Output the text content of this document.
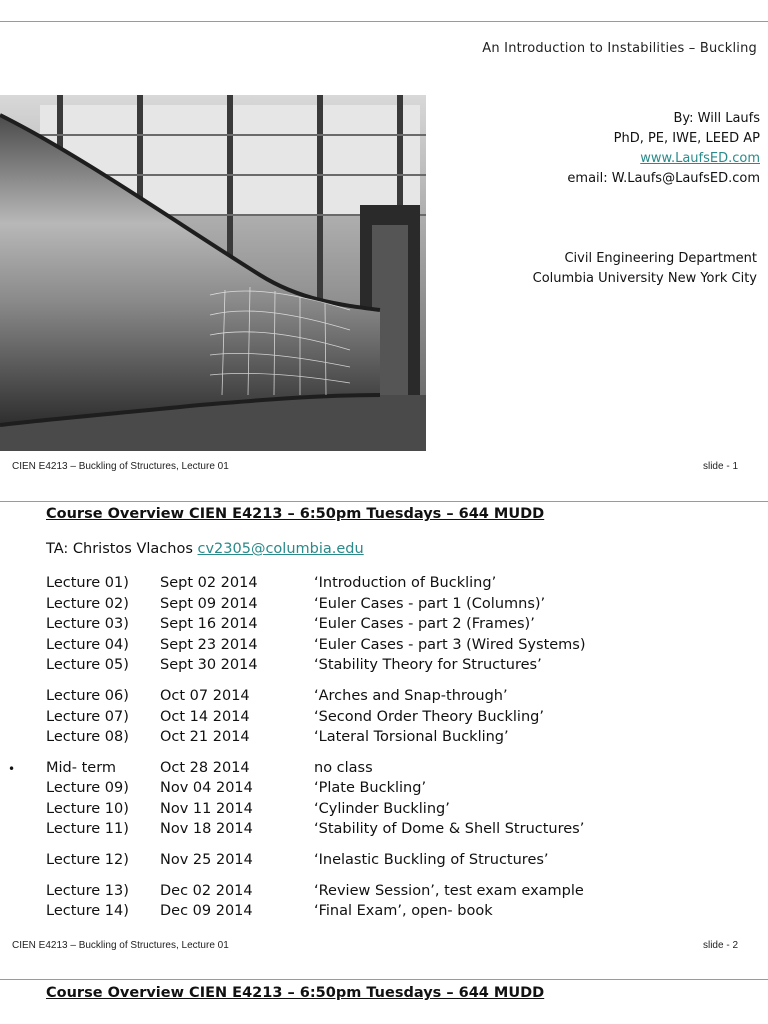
An Introduction to Instabilities – Buckling
By: Will Laufs
PhD, PE, IWE, LEED AP
www.LaufsED.com
email: W.Laufs@LaufsED.com
Civil Engineering Department
Columbia University New York City
CIEN E4213 – Buckling of Structures, Lecture 01	slide - 1
Course Overview CIEN E4213 – 6:50pm Tuesdays – 644 MUDD
TA: Christos Vlachos cv2305@columbia.edu
Lecture 01) Sept 02 2014	‘Introduction of Buckling’
Lecture 02) Sept 09 2014	‘Euler Cases - part 1 (Columns)’
Lecture 03) Sept 16 2014	‘Euler Cases - part 2 (Frames)’
Lecture 04) Sept 23 2014	‘Euler Cases - part 3 (Wired Systems)
Lecture 05) Sept 30 2014	‘Stability Theory for Structures’
Lecture 06) Oct 07 2014	‘Arches and Snap-through’
Lecture 07) Oct 14 2014	‘Second Order Theory Buckling’
Lecture 08) Oct 21 2014	‘Lateral Torsional Buckling’
• Mid- term	Oct 28 2014	no class
Lecture 09) Nov 04 2014	‘Plate Buckling’
Lecture 10) Nov 11 2014	‘Cylinder Buckling’
Lecture 11) Nov 18 2014	‘Stability of Dome & Shell Structures’
Lecture 12) Nov 25 2014	‘Inelastic Buckling of Structures’
Lecture 13) Dec 02 2014	‘Review Session’, test exam example
Lecture 14) Dec 09 2014	‘Final Exam’, open- book
CIEN E4213 – Buckling of Structures, Lecture 01	slide - 2
Course Overview CIEN E4213 – 6:50pm Tuesdays – 644 MUDD
